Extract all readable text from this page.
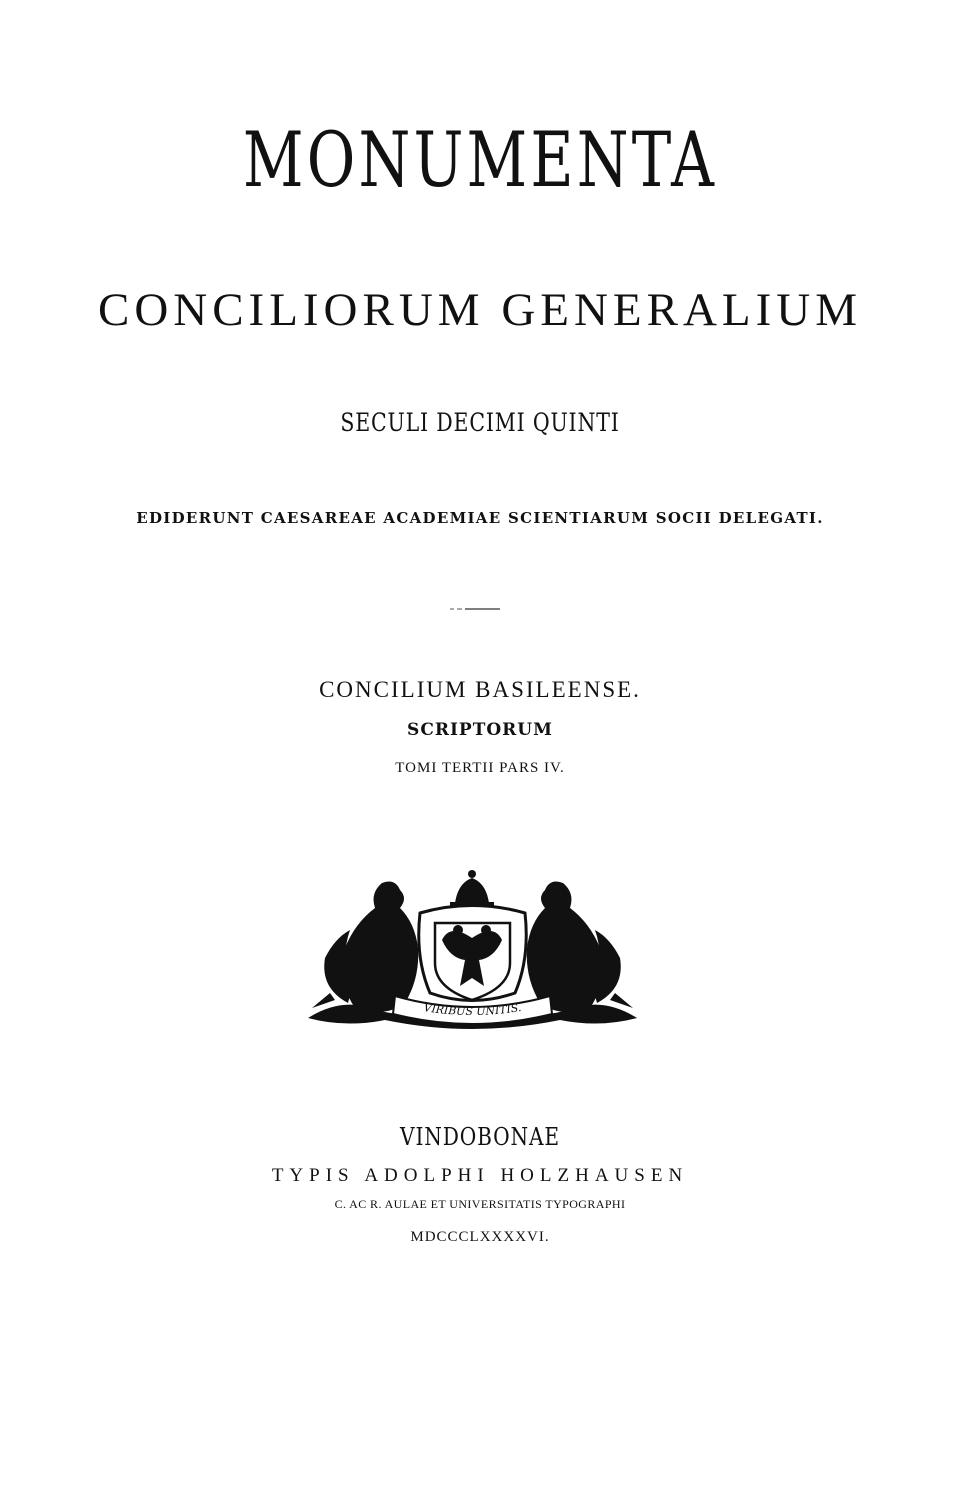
MONUMENTA
CONCILIORUM GENERALIUM
SECULI DECIMI QUINTI
EDIDERUNT CAESAREAE ACADEMIAE SCIENTIARUM SOCII DELEGATI.
CONCILIUM BASILEENSE.
SCRIPTORUM
TOMI TERTII PARS IV.
VIRIBUS UNITIS.
VINDOBONAE
TYPIS ADOLPHI HOLZHAUSEN
C. AC R. AULAE ET UNIVERSITATIS TYPOGRAPHI
MDCCCLXXXXVI.
